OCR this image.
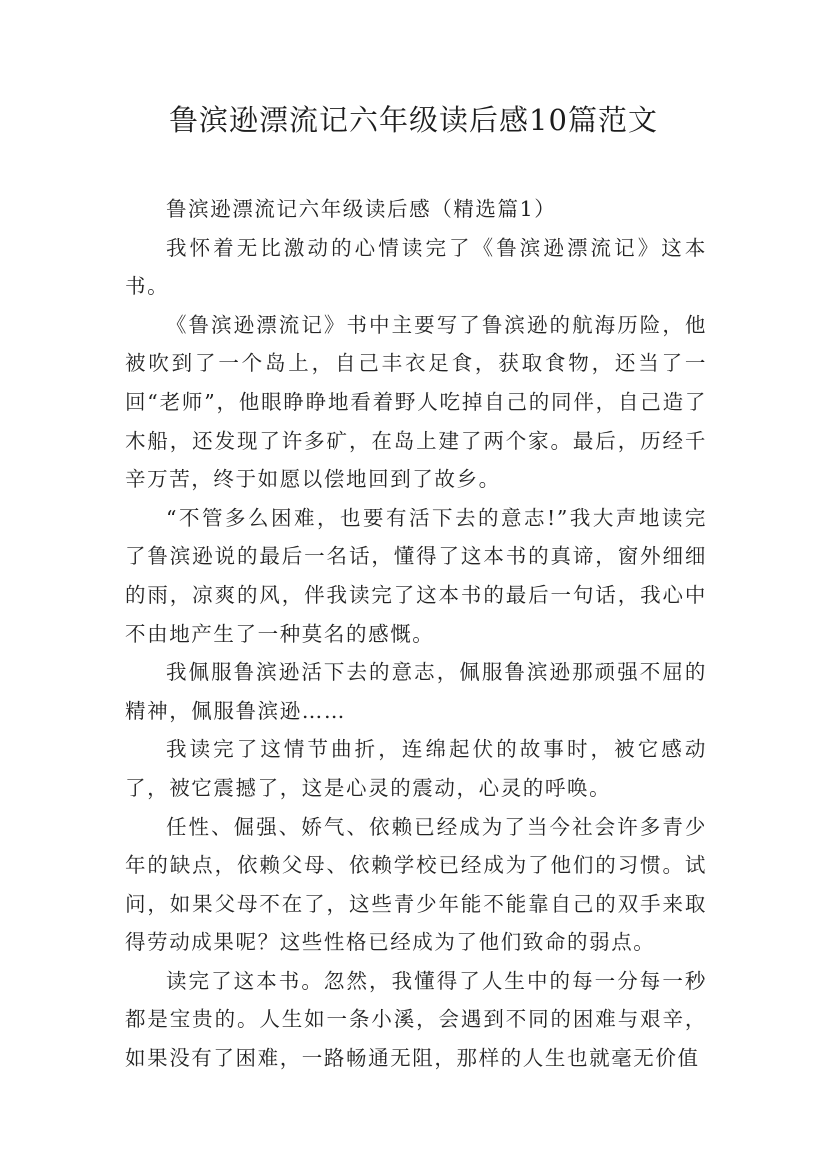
鲁滨逊漂流记六年级读后感10篇范文

鲁滨逊漂流记六年级读后感（精选篇1）

我怀着无比激动的心情读完了《鲁滨逊漂流记》这本书。

《鲁滨逊漂流记》书中主要写了鲁滨逊的航海历险，他被吹到了一个岛上，自己丰衣足食，获取食物，还当了一回“老师”，他眼睁睁地看着野人吃掉自己的同伴，自己造了木船，还发现了许多矿，在岛上建了两个家。最后，历经千辛万苦，终于如愿以偿地回到了故乡。

“不管多么困难，也要有活下去的意志!”我大声地读完了鲁滨逊说的最后一名话，懂得了这本书的真谛，窗外细细的雨，凉爽的风，伴我读完了这本书的最后一句话，我心中不由地产生了一种莫名的感慨。

我佩服鲁滨逊活下去的意志，佩服鲁滨逊那顽强不屈的精神，佩服鲁滨逊……

我读完了这情节曲折，连绵起伏的故事时，被它感动了，被它震撼了，这是心灵的震动，心灵的呼唤。

任性、倔强、娇气、依赖已经成为了当今社会许多青少年的缺点，依赖父母、依赖学校已经成为了他们的习惯。试问，如果父母不在了，这些青少年能不能靠自己的双手来取得劳动成果呢？这些性格已经成为了他们致命的弱点。

读完了这本书。忽然，我懂得了人生中的每一分每一秒都是宝贵的。人生如一条小溪，会遇到不同的困难与艰辛，如果没有了困难，一路畅通无阻，那样的人生也就毫无价值
